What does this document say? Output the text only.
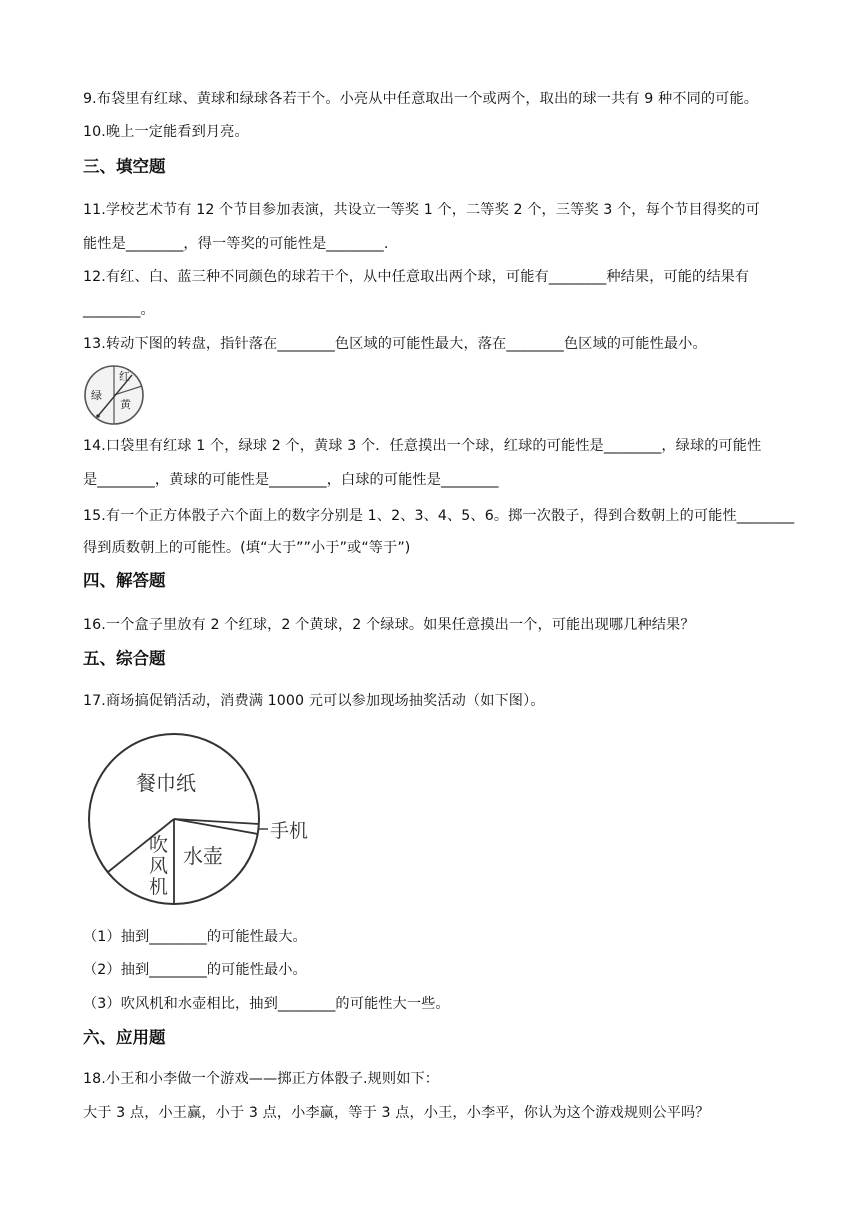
9.布袋里有红球、黄球和绿球各若干个。小亮从中任意取出一个或两个，取出的球一共有 9 种不同的可能。
10.晚上一定能看到月亮。
三、填空题
11.学校艺术节有 12 个节目参加表演，共设立一等奖 1 个，二等奖 2 个，三等奖 3 个，每个节目得奖的可
能性是________，得一等奖的可能性是________.
12.有红、白、蓝三种不同颜色的球若干个，从中任意取出两个球，可能有________种结果，可能的结果有
________。
13.转动下图的转盘，指针落在________色区域的可能性最大，落在________色区域的可能性最小。
红
黄
绿
14.口袋里有红球 1 个，绿球 2 个，黄球 3 个．任意摸出一个球，红球的可能性是________，绿球的可能性
是________，黄球的可能性是________，白球的可能性是________
15.有一个正方体骰子六个面上的数字分别是 1、2、3、4、5、6。掷一次骰子，得到合数朝上的可能性________
得到质数朝上的可能性。(填“大于””小于”或“等于”)
四、解答题
16.一个盒子里放有 2 个红球，2 个黄球，2 个绿球。如果任意摸出一个，可能出现哪几种结果？
五、综合题
17.商场搞促销活动，消费满 1000 元可以参加现场抽奖活动（如下图）。
餐巾纸
手机
水壶
吹
风
机
（1）抽到________的可能性最大。
（2）抽到________的可能性最小。
（3）吹风机和水壶相比，抽到________的可能性大一些。
六、应用题
18.小王和小李做一个游戏——掷正方体骰子.规则如下：
大于 3 点，小王赢，小于 3 点，小李赢，等于 3 点，小王，小李平，你认为这个游戏规则公平吗？
